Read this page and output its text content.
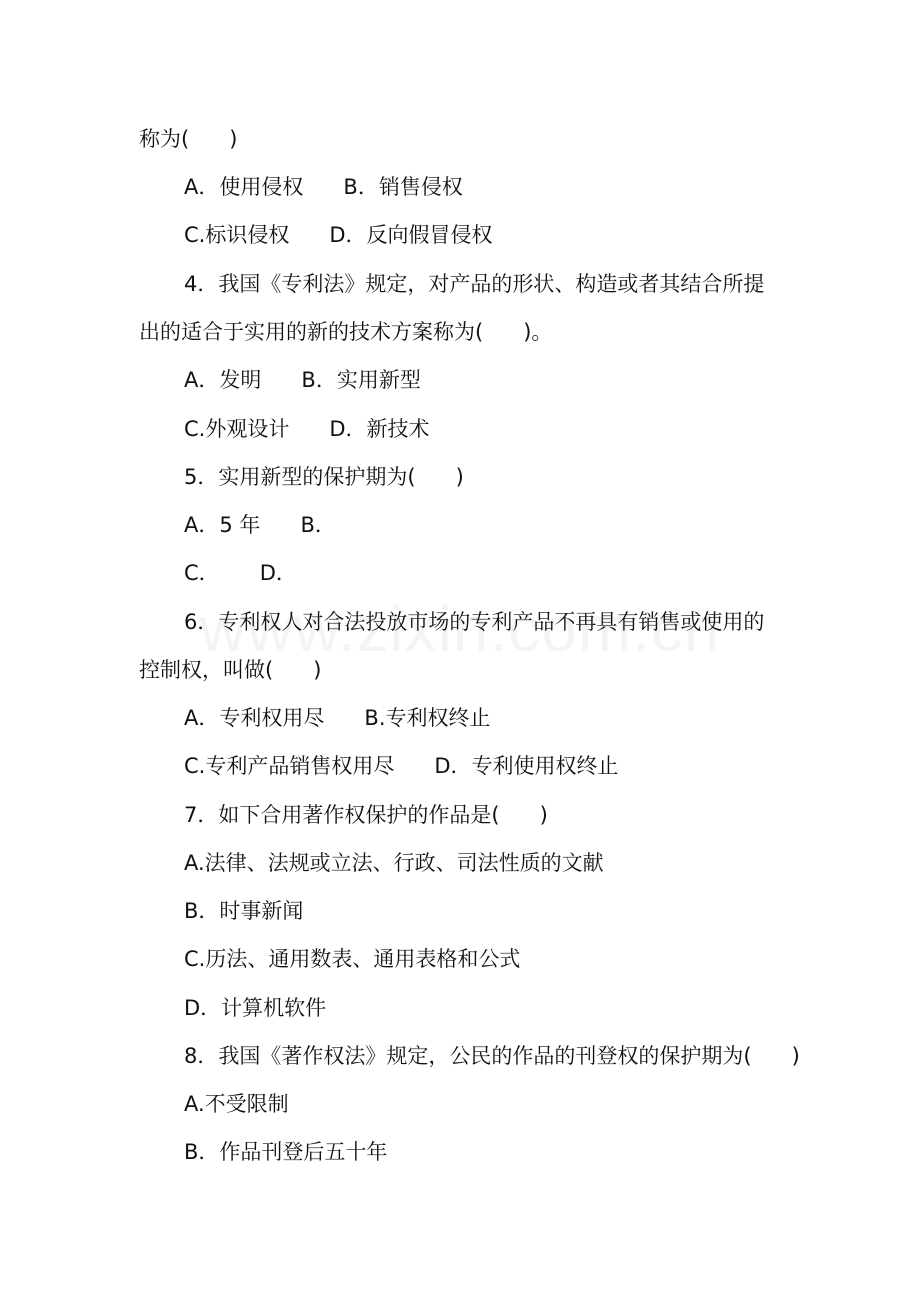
称为(      )
A．使用侵权      B．销售侵权
C.标识侵权      D．反向假冒侵权
4．我国《专利法》规定，对产品的形状、构造或者其结合所提
出的适合于实用的新的技术方案称为(      )。
A．发明      B．实用新型
C.外观设计      D．新技术
5．实用新型的保护期为(      )
A．5 年      B．
C．      D．
6．专利权人对合法投放市场的专利产品不再具有销售或使用的
控制权，叫做(      )
A．专利权用尽      B.专利权终止
C.专利产品销售权用尽      D．专利使用权终止
7．如下合用著作权保护的作品是(      )
A.法律、法规或立法、行政、司法性质的文献
B．时事新闻
C.历法、通用数表、通用表格和公式
D．计算机软件
8．我国《著作权法》规定，公民的作品的刊登权的保护期为(      )
A.不受限制
B．作品刊登后五十年
